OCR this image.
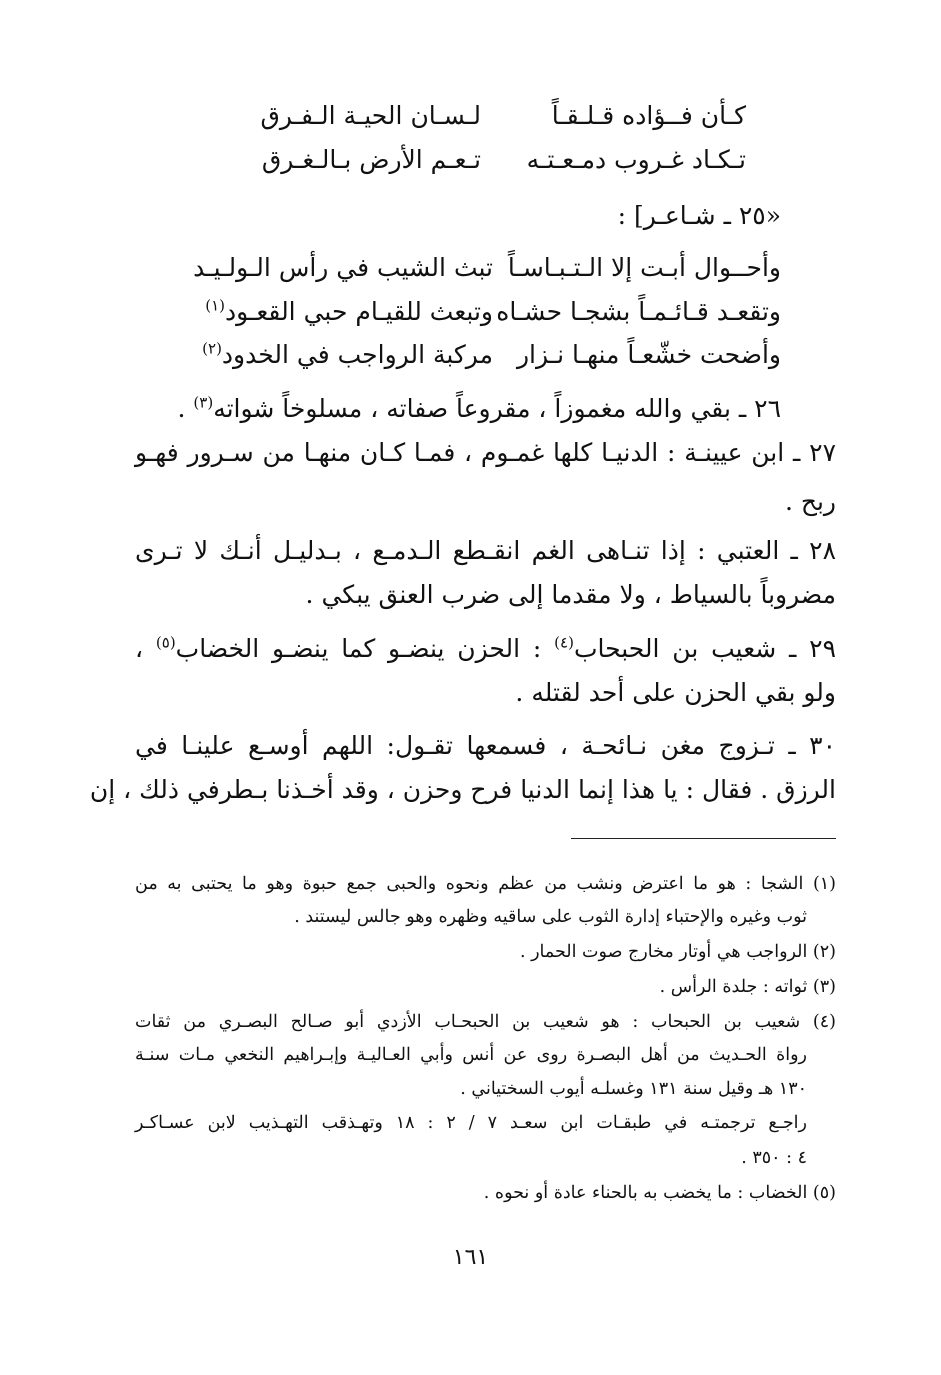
كـأن فــؤاده قـلـقـاً
لـسـان الحيـة الـفـرق
تـكـاد غـروب دمـعـتـه
تـعـم الأرض بـالـغـرق
«٢٥ ـ شـاعـر] :
وأحــوال أبـت إلا الـتـبـاسـاً
تبث الشيب في رأس الـولـيـد
وتقعـد قـائـمـاً بشجـا حشـاه
وتبعث للقيـام حبي القعـود$^{(١)}$
وأضحت خشّعـاً منهـا نـزار
مركبة الرواجب في الخدود$^{(٢)}$
٢٦ ـ بقي والله مغموزاً ، مقروعاً صفاته ، مسلوخاً شواته$^{(٣)}$ .
٢٧ ـ ابن عيينـة : الدنيـا كلها غمـوم ، فمـا كـان منهـا من سـرور فهـو
ربح .
٢٨ ـ العتبي : إذا تنـاهى الغم انقـطع الـدمـع ، بـدليـل أنـك لا تـرى
مضروباً بالسياط ، ولا مقدما إلى ضرب العنق يبكي .
٢٩ ـ شعيب بن الحبحاب$^{(٤)}$ : الحزن ينضـو كما ينضـو الخضاب$^{(٥)}$ ،
ولو بقي الحزن على أحد لقتله .
٣٠ ـ تـزوج مغن نـائحـة ، فسمعها تقـول: اللهم أوسـع علينـا في
الرزق . فقال : يا هذا إنما الدنيا فرح وحزن ، وقد أخـذنا بـطرفي ذلك ، إن
(١) الشجا : هو ما اعترض ونشب من عظم ونحوه والحبى جمع حبوة وهو ما يحتبى به من
ثوب وغيره والإحتباء إدارة الثوب على ساقيه وظهره وهو جالس ليستند .
(٢) الرواجب هي أوتار مخارج صوت الحمار .
(٣) ثواته : جلدة الرأس .
(٤) شعيب بن الحبحاب : هو شعيب بن الحبحـاب الأزدي أبو صـالح البصـري من ثقات
رواة الحـديث من أهل البصـرة روى عن أنس وأبي العـاليـة وإبـراهيم النخعي مـات سنـة
١٣٠ هـ وقيل سنة ١٣١ وغسلـه أيوب السختياني .
راجـع ترجمتـه في طبقـات ابن سعـد ٧ / ٢ : ١٨ وتهـذقب التهـذيب لابن عسـاكـر
٤ : ٣٥٠ .
(٥) الخضاب : ما يخضب به بالحناء عادة أو نحوه .
١٦١
